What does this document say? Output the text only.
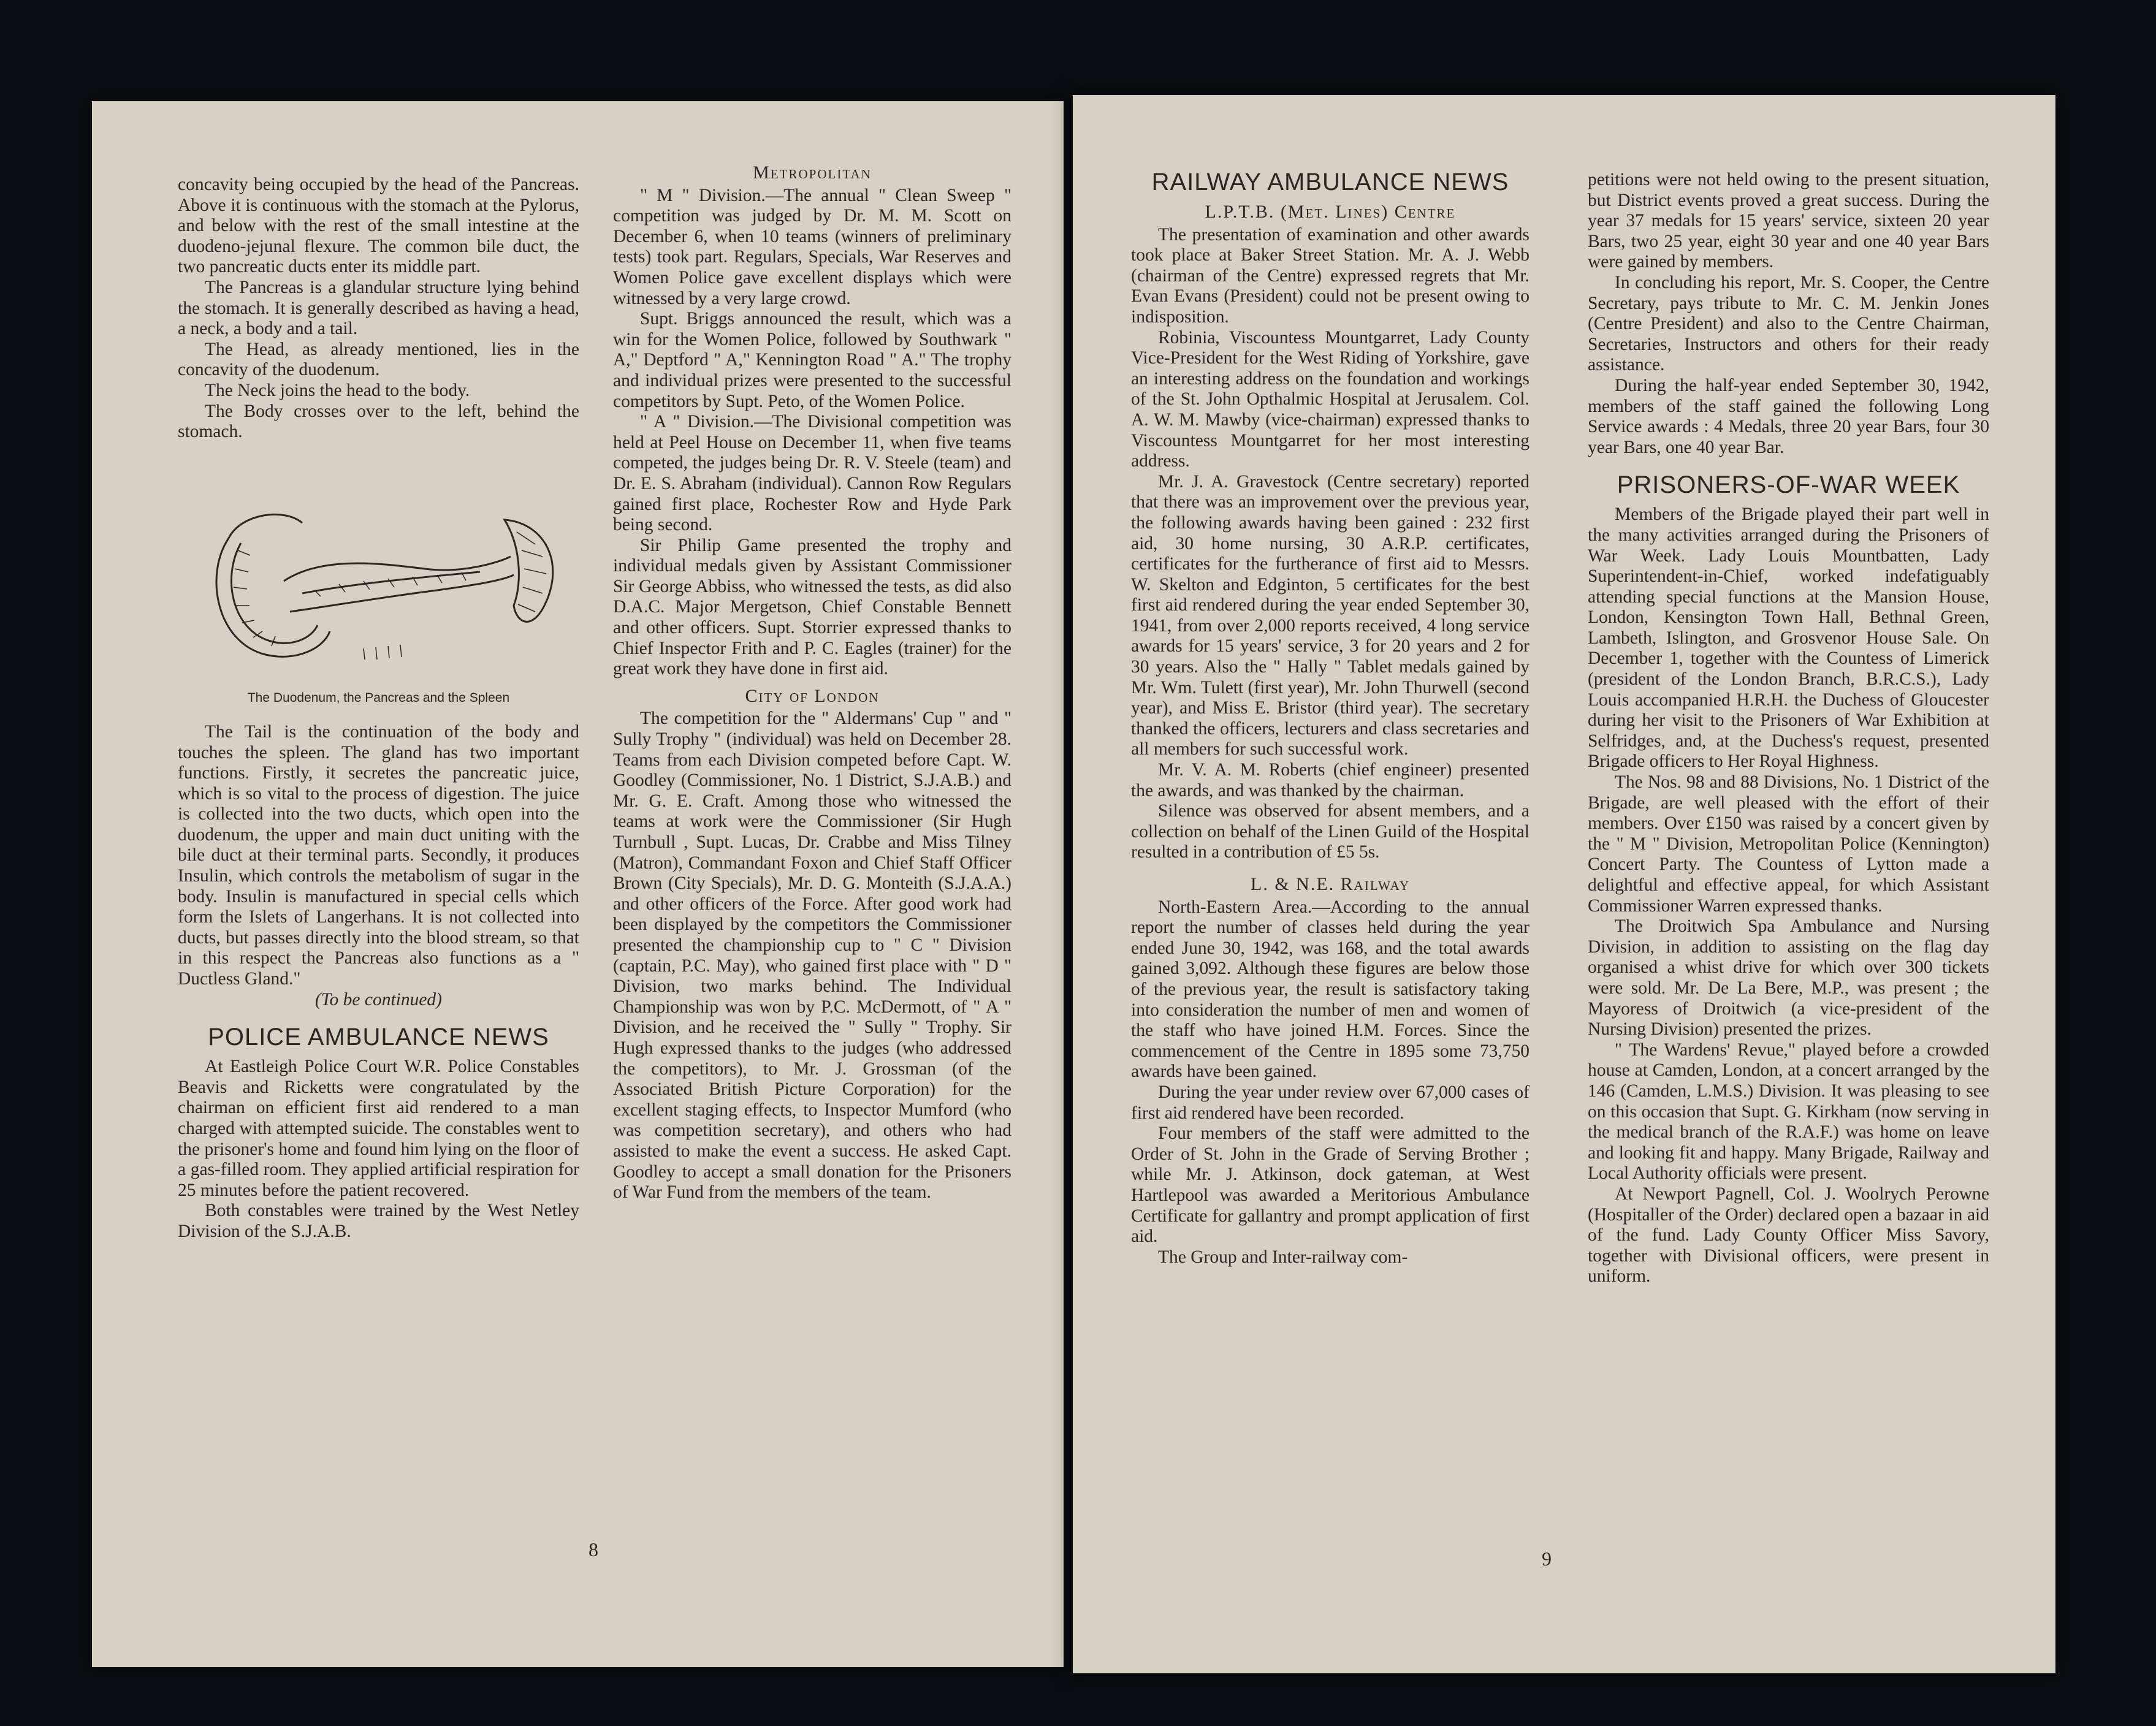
concavity being occupied by the head of the Pancreas. Above it is continuous with the stomach at the Pylorus, and below with the rest of the small intestine at the duodeno-jejunal flexure. The common bile duct, the two pancreatic ducts enter its middle part.

The Pancreas is a glandular structure lying behind the stomach. It is generally described as having a head, a neck, a body and a tail.

The Head, as already mentioned, lies in the concavity of the duodenum.

The Neck joins the head to the body.

The Body crosses over to the left, behind the stomach.

The Duodenum, the Pancreas and the Spleen

The Tail is the continuation of the body and touches the spleen. The gland has two important functions. Firstly, it secretes the pancreatic juice, which is so vital to the process of digestion. The juice is collected into the two ducts, which open into the duodenum, the upper and main duct uniting with the bile duct at their terminal parts. Secondly, it produces Insulin, which controls the metabolism of sugar in the body. Insulin is manufactured in special cells which form the Islets of Langerhans. It is not collected into ducts, but passes directly into the blood stream, so that in this respect the Pancreas also functions as a " Ductless Gland."

(To be continued)

POLICE AMBULANCE NEWS

At Eastleigh Police Court W.R. Police Constables Beavis and Ricketts were congratulated by the chairman on efficient first aid rendered to a man charged with attempted suicide. The constables went to the prisoner's home and found him lying on the floor of a gas-filled room. They applied artificial respiration for 25 minutes before the patient recovered.

Both constables were trained by the West Netley Division of the S.J.A.B.

Metropolitan

" M " Division.—The annual " Clean Sweep " competition was judged by Dr. M. M. Scott on December 6, when 10 teams (winners of preliminary tests) took part. Regulars, Specials, War Reserves and Women Police gave excellent displays which were witnessed by a very large crowd.

Supt. Briggs announced the result, which was a win for the Women Police, followed by Southwark " A," Deptford " A," Kennington Road " A." The trophy and individual prizes were presented to the successful competitors by Supt. Peto, of the Women Police.

" A " Division.—The Divisional competition was held at Peel House on December 11, when five teams competed, the judges being Dr. R. V. Steele (team) and Dr. E. S. Abraham (individual). Cannon Row Regulars gained first place, Rochester Row and Hyde Park being second.

Sir Philip Game presented the trophy and individual medals given by Assistant Commissioner Sir George Abbiss, who witnessed the tests, as did also D.A.C. Major Mergetson, Chief Constable Bennett and other officers. Supt. Storrier expressed thanks to Chief Inspector Frith and P. C. Eagles (trainer) for the great work they have done in first aid.

City of London

The competition for the " Aldermans' Cup " and " Sully Trophy " (individual) was held on December 28. Teams from each Division competed before Capt. W. Goodley (Commissioner, No. 1 District, S.J.A.B.) and Mr. G. E. Craft. Among those who witnessed the teams at work were the Commissioner (Sir Hugh Turnbull , Supt. Lucas, Dr. Crabbe and Miss Tilney (Matron), Commandant Foxon and Chief Staff Officer Brown (City Specials), Mr. D. G. Monteith (S.J.A.A.) and other officers of the Force. After good work had been displayed by the competitors the Commissioner presented the championship cup to " C " Division (captain, P.C. May), who gained first place with " D " Division, two marks behind. The Individual Championship was won by P.C. McDermott, of " A " Division, and he received the " Sully " Trophy. Sir Hugh expressed thanks to the judges (who addressed the competitors), to Mr. J. Grossman (of the Associated British Picture Corporation) for the excellent staging effects, to Inspector Mumford (who was competition secretary), and others who had assisted to make the event a success. He asked Capt. Goodley to accept a small donation for the Prisoners of War Fund from the members of the team.

8
RAILWAY AMBULANCE NEWS
L.P.T.B. (Met. Lines) Centre

The presentation of examination and other awards took place at Baker Street Station. Mr. A. J. Webb (chairman of the Centre) expressed regrets that Mr. Evan Evans (President) could not be present owing to indisposition.

Robinia, Viscountess Mountgarret, Lady County Vice-President for the West Riding of Yorkshire, gave an interesting address on the foundation and workings of the St. John Opthalmic Hospital at Jerusalem. Col. A. W. M. Mawby (vice-chairman) expressed thanks to Viscountess Mountgarret for her most interesting address.

Mr. J. A. Gravestock (Centre secretary) reported that there was an improvement over the previous year, the following awards having been gained : 232 first aid, 30 home nursing, 30 A.R.P. certificates, certificates for the furtherance of first aid to Messrs. W. Skelton and Edginton, 5 certificates for the best first aid rendered during the year ended September 30, 1941, from over 2,000 reports received, 4 long service awards for 15 years' service, 3 for 20 years and 2 for 30 years. Also the " Hally " Tablet medals gained by Mr. Wm. Tulett (first year), Mr. John Thurwell (second year), and Miss E. Bristor (third year). The secretary thanked the officers, lecturers and class secretaries and all members for such successful work.

Mr. V. A. M. Roberts (chief engineer) presented the awards, and was thanked by the chairman.

Silence was observed for absent members, and a collection on behalf of the Linen Guild of the Hospital resulted in a contribution of £5 5s.

L. & N.E. Railway

North-Eastern Area.—According to the annual report the number of classes held during the year ended June 30, 1942, was 168, and the total awards gained 3,092. Although these figures are below those of the previous year, the result is satisfactory taking into consideration the number of men and women of the staff who have joined H.M. Forces. Since the commencement of the Centre in 1895 some 73,750 awards have been gained.

During the year under review over 67,000 cases of first aid rendered have been recorded.

Four members of the staff were admitted to the Order of St. John in the Grade of Serving Brother ; while Mr. J. Atkinson, dock gateman, at West Hartlepool was awarded a Meritorious Ambulance Certificate for gallantry and prompt application of first aid.

The Group and Inter-railway com-

petitions were not held owing to the present situation, but District events proved a great success. During the year 37 medals for 15 years' service, sixteen 20 year Bars, two 25 year, eight 30 year and one 40 year Bars were gained by members.

In concluding his report, Mr. S. Cooper, the Centre Secretary, pays tribute to Mr. C. M. Jenkin Jones (Centre President) and also to the Centre Chairman, Secretaries, Instructors and others for their ready assistance.

During the half-year ended September 30, 1942, members of the staff gained the following Long Service awards : 4 Medals, three 20 year Bars, four 30 year Bars, one 40 year Bar.

PRISONERS-OF-WAR WEEK

Members of the Brigade played their part well in the many activities arranged during the Prisoners of War Week. Lady Louis Mountbatten, Lady Superintendent-in-Chief, worked indefatiguably attending special functions at the Mansion House, London, Kensington Town Hall, Bethnal Green, Lambeth, Islington, and Grosvenor House Sale. On December 1, together with the Countess of Limerick (president of the London Branch, B.R.C.S.), Lady Louis accompanied H.R.H. the Duchess of Gloucester during her visit to the Prisoners of War Exhibition at Selfridges, and, at the Duchess's request, presented Brigade officers to Her Royal Highness.

The Nos. 98 and 88 Divisions, No. 1 District of the Brigade, are well pleased with the effort of their members. Over £150 was raised by a concert given by the " M " Division, Metropolitan Police (Kennington) Concert Party. The Countess of Lytton made a delightful and effective appeal, for which Assistant Commissioner Warren expressed thanks.

The Droitwich Spa Ambulance and Nursing Division, in addition to assisting on the flag day organised a whist drive for which over 300 tickets were sold. Mr. De La Bere, M.P., was present ; the Mayoress of Droitwich (a vice-president of the Nursing Division) presented the prizes.

" The Wardens' Revue," played before a crowded house at Camden, London, at a concert arranged by the 146 (Camden, L.M.S.) Division. It was pleasing to see on this occasion that Supt. G. Kirkham (now serving in the medical branch of the R.A.F.) was home on leave and looking fit and happy. Many Brigade, Railway and Local Authority officials were present.

At Newport Pagnell, Col. J. Woolrych Perowne (Hospitaller of the Order) declared open a bazaar in aid of the fund. Lady County Officer Miss Savory, together with Divisional officers, were present in uniform.

9
